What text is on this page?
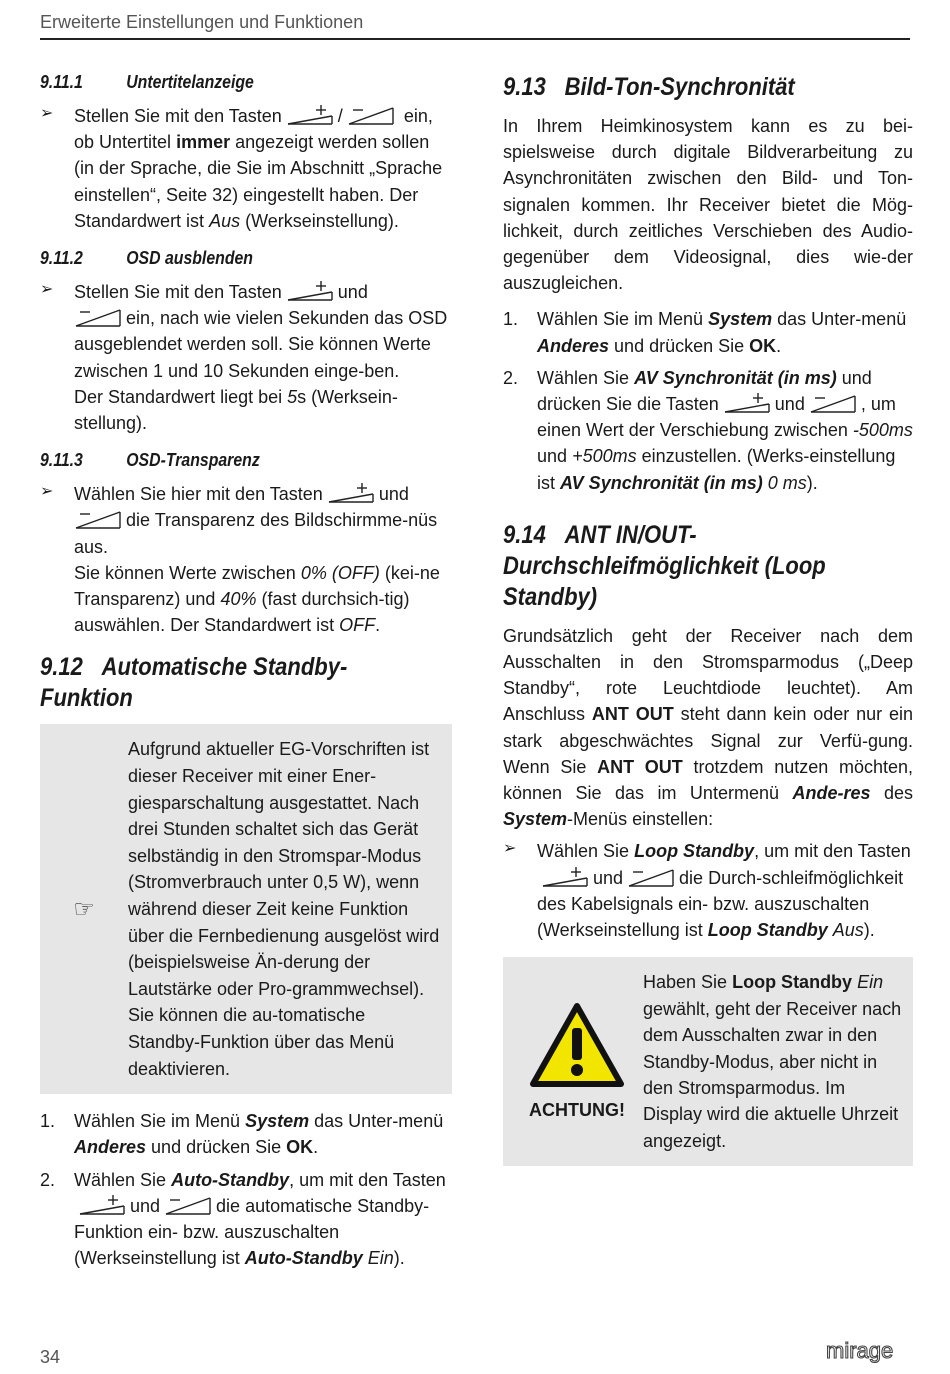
Erweiterte Einstellungen und Funktionen
9.11.1 Untertitelanzeige
➢	Stellen Sie mit den Tasten	/	ein, ob Untertitel immer angezeigt werden sollen (in der Sprache, die Sie im Abschnitt „Sprache einstellen“, Seite 32) eingestellt haben. Der Standardwert ist Aus (Werkseinstellung).
9.11.2 OSD ausblenden
➢	Stellen Sie mit den Tasten	und
ein, nach wie vielen Sekunden das OSD ausgeblendet werden soll. Sie können Werte zwischen 1 und 10 Sekunden einge-ben.
Der Standardwert liegt bei 5s (Werksein-stellung).
9.11.3 OSD-Transparenz
➢	Wählen Sie hier mit den Tasten	und
die Transparenz des Bildschirmme-nüs aus.
Sie können Werte zwischen 0% (OFF) (kei-ne Transparenz) und 40% (fast durchsich-tig) auswählen. Der Standardwert ist OFF.
9.12 Automatische Standby-Funktion
☞
Aufgrund aktueller EG-Vorschriften ist dieser Receiver mit einer Ener-giesparschaltung ausgestattet. Nach drei Stunden schaltet sich das Gerät selbständig in den Stromspar-Modus (Stromverbrauch unter 0,5 W), wenn während dieser Zeit keine Funktion über die Fernbedienung ausgelöst wird (beispielsweise Än-derung der Lautstärke oder Pro-grammwechsel). Sie können die au-tomatische Standby-Funktion über das Menü deaktivieren.
1.	Wählen Sie im Menü System das Unter-menü Anderes und drücken Sie OK.
2.	Wählen Sie Auto-Standby, um mit den Tastenund	die automatische Standby-Funktion ein- bzw. auszuschalten (Werkseinstellung ist Auto-Standby Ein).
9.13 Bild-Ton-Synchronität

In Ihrem Heimkinosystem kann es zu bei-spielsweise durch digitale Bildverarbeitung zu Asynchronitäten zwischen den Bild- und Ton-signalen kommen. Ihr Receiver bietet die Mög-lichkeit, durch zeitliches Verschieben des Audio- gegenüber dem Videosignal, dies wie-der auszugleichen.

1.	Wählen Sie im Menü System das Unter-menü Anderes und drücken Sie OK.
2.	Wählen Sie AV Synchronität (in ms) und drücken Sie die Tasten	und	, um einen Wert der Verschiebung zwischen -500ms und +500ms einzustellen. (Werks-einstellung ist AV Synchronität (in ms) 0 ms).
9.14 ANT IN/OUT-Durchschleifmöglichkeit (Loop Standby)

Grundsätzlich geht der Receiver nach dem Ausschalten in den Stromsparmodus („Deep Standby“, rote Leuchtdiode leuchtet). Am Anschluss ANT OUT steht dann kein oder nur ein stark abgeschwächtes Signal zur Verfü-gung. Wenn Sie ANT OUT trotzdem nutzen möchten, können Sie das im Untermenü Ande-res des System-Menüs einstellen:

➢	Wählen Sie Loop Standby, um mit den Tastenund	die Durch-schleifmöglichkeit des Kabelsignals ein- bzw. auszuschalten (Werkseinstellung ist Loop Standby Aus).
ACHTUNG!
Haben Sie Loop Standby Ein gewählt, geht der Receiver nach dem Ausschalten zwar in den Standby-Modus, aber nicht in den Stromsparmodus. Im Display wird die aktuelle Uhrzeit angezeigt.
34	mirage
